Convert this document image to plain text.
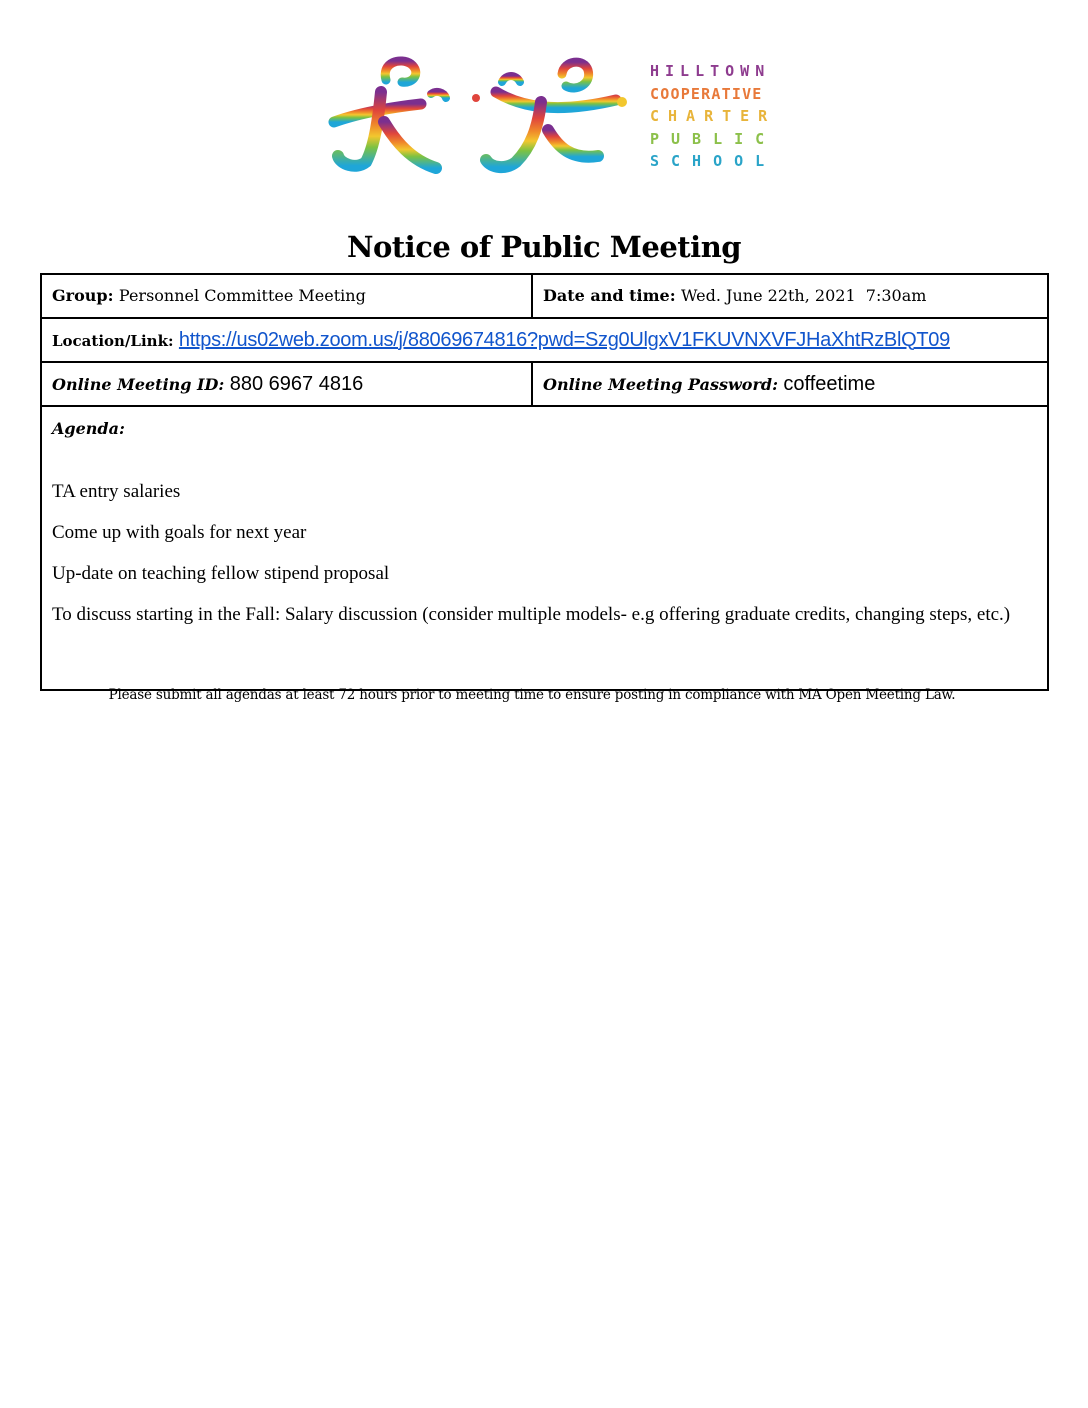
HILLTOWN
COOPERATIVE
CHARTER
PUBLIC
SCHOOL
Notice of Public Meeting
Group: Personnel Committee Meeting	Date and time: Wed. June 22th, 2021  7:30am
Location/Link: https://us02web.zoom.us/j/88069674816?pwd=Szg0UlgxV1FKUVNXVFJHaXhtRzBlQT09	
Online Meeting ID: 880 6967 4816	Online Meeting Password: coffeetime

Agenda:
TA entry salaries
Come up with goals for next year
Up-date on teaching fellow stipend proposal
To discuss starting in the Fall: Salary discussion (consider multiple models- e.g offering graduate credits, changing steps, etc.)	
Please submit all agendas at least 72 hours prior to meeting time to ensure posting in compliance with MA Open Meeting Law.
